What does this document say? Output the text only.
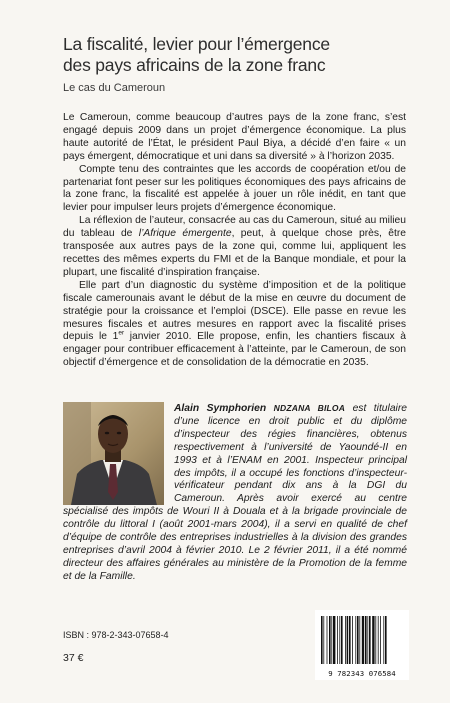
La fiscalité, levier pour l’émergence
des pays africains de la zone franc
Le cas du Cameroun

Le Cameroun, comme beaucoup d’autres pays de la zone franc, s’est engagé depuis 2009 dans un projet d’émergence économique. La plus haute autorité de l’État, le président Paul Biya, a décidé d’en faire « un pays émergent, démocratique et uni dans sa diversité » à l’horizon 2035.

Compte tenu des contraintes que les accords de coopération et/ou de partenariat font peser sur les politiques économiques des pays africains de la zone franc, la fiscalité est appelée à jouer un rôle inédit, en tant que levier pour impulser leurs projets d’émergence économique.

La réflexion de l’auteur, consacrée au cas du Cameroun, situé au milieu du tableau de l’Afrique émergente, peut, à quelque chose près, être transposée aux autres pays de la zone qui, comme lui, appliquent les recettes des mêmes experts du FMI et de la Banque mondiale, et pour la plupart, une fiscalité d’inspiration française.

Elle part d’un diagnostic du système d’imposition et de la politique fiscale camerounais avant le début de la mise en œuvre du document de stratégie pour la croissance et l’emploi (DSCE). Elle passe en revue les mesures fiscales et autres mesures en rapport avec la fiscalité prises depuis le 1er janvier 2010. Elle propose, enfin, les chantiers fiscaux à engager pour contribuer efficacement à l’atteinte, par le Cameroun, de son objectif d’émergence et de consolidation de la démocratie en 2035.

Alain Symphorien NDZANA BILOA est titulaire d’une licence en droit public et du diplôme d’inspecteur des régies financières, obtenus respectivement à l’université de Yaoundé-II en 1993 et à l’ENAM en 2001. Inspecteur principal des impôts, il a occupé les fonctions d’inspecteur-vérificateur pendant dix ans à la DGI du Cameroun. Après avoir exercé au centre spécialisé des impôts de Wouri II à Douala et à la brigade provinciale de contrôle du littoral I (août 2001-mars 2004), il a servi en qualité de chef d’équipe de contrôle des entreprises industrielles à la division des grandes entreprises d’avril 2004 à février 2010. Le 2 février 2011, il a été nommé directeur des affaires générales au ministère de la Promotion de la femme et de la Famille.
ISBN : 978-2-343-07658-4
37 €
9 782343 076584
